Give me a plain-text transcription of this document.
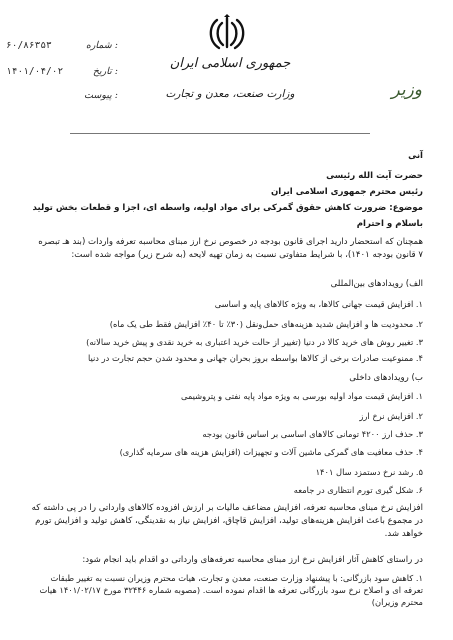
جمهوری اسلامی ایران
وزارت صنعت، معدن و تجارت	وزیر
۶۰/۸۶۳۵۳	شماره :
۱۴۰۱/۰۴/۰۲	تاریخ :
پیوست :
آنی
حضرت آیت الله رئیسی
رئیس محترم جمهوری اسلامی ایران
موضوع: ضرورت کاهش حقوق گمرکی برای مواد اولیه، واسطه ای، اجزا و قطعات بخش تولید
باسلام و احترام
همچنان که استحضار دارید اجرای قانون بودجه در خصوص نرخ ارز مبنای محاسبه تعرفه واردات (بند هـ تبصره ۷ قانون بودجه ۱۴۰۱)، با شرایط متفاوتی نسبت به زمان تهیه لایحه (به شرح زیر) مواجه شده است:
الف) رویدادهای بین‌المللی
۱. افزایش قیمت جهانی کالاها، به ویژه کالاهای پایه و اساسی
۲. محدودیت ها و افزایش شدید هزینه‌های حمل‌ونقل (۳۰٪ تا ۴۰٪ افزایش فقط طی یک ماه)
۳. تغییر روش های خرید کالا در دنیا (تغییر از حالت خرید اعتباری به خرید نقدی و پیش خرید سالانه)
۴. ممنوعیت صادرات برخی از کالاها بواسطه بروز بحران جهانی و محدود شدن حجم تجارت در دنیا
ب) رویدادهای داخلی
۱. افزایش قیمت مواد اولیه بورسی به ویژه مواد پایه نفتی و پتروشیمی
۲. افزایش نرخ ارز
۳. حذف ارز ۴۲۰۰ تومانی کالاهای اساسی بر اساس قانون بودجه
۴. حذف معافیت های گمرکی ماشین آلات و تجهیزات (افزایش هزینه های سرمایه گذاری)
۵. رشد نرخ دستمزد سال ۱۴۰۱
۶. شکل گیری تورم انتظاری در جامعه
افزایش نرخ مبنای محاسبه تعرفه، افزایش مضاعف مالیات بر ارزش افزوده کالاهای وارداتی را در پی داشته که در مجموع باعث افزایش هزینه‌های تولید، افزایش قاچاق، افزایش نیاز به نقدینگی، کاهش تولید و افزایش تورم خواهد شد.
در راستای کاهش آثار افزایش نرخ ارز مبنای محاسبه تعرفه‌های وارداتی دو اقدام باید انجام شود:
۱. کاهش سود بازرگانی: با پیشنهاد وزارت صنعت، معدن و تجارت، هیات محترم وزیران نسبت به تغییر طبقات تعرفه ای و اصلاح نرخ سود بازرگانی تعرفه ها اقدام نموده است. (مصوبه شماره ۳۲۴۴۶ مورخ ۱۴۰۱/۰۲/۱۷ هیات محترم وزیران)
